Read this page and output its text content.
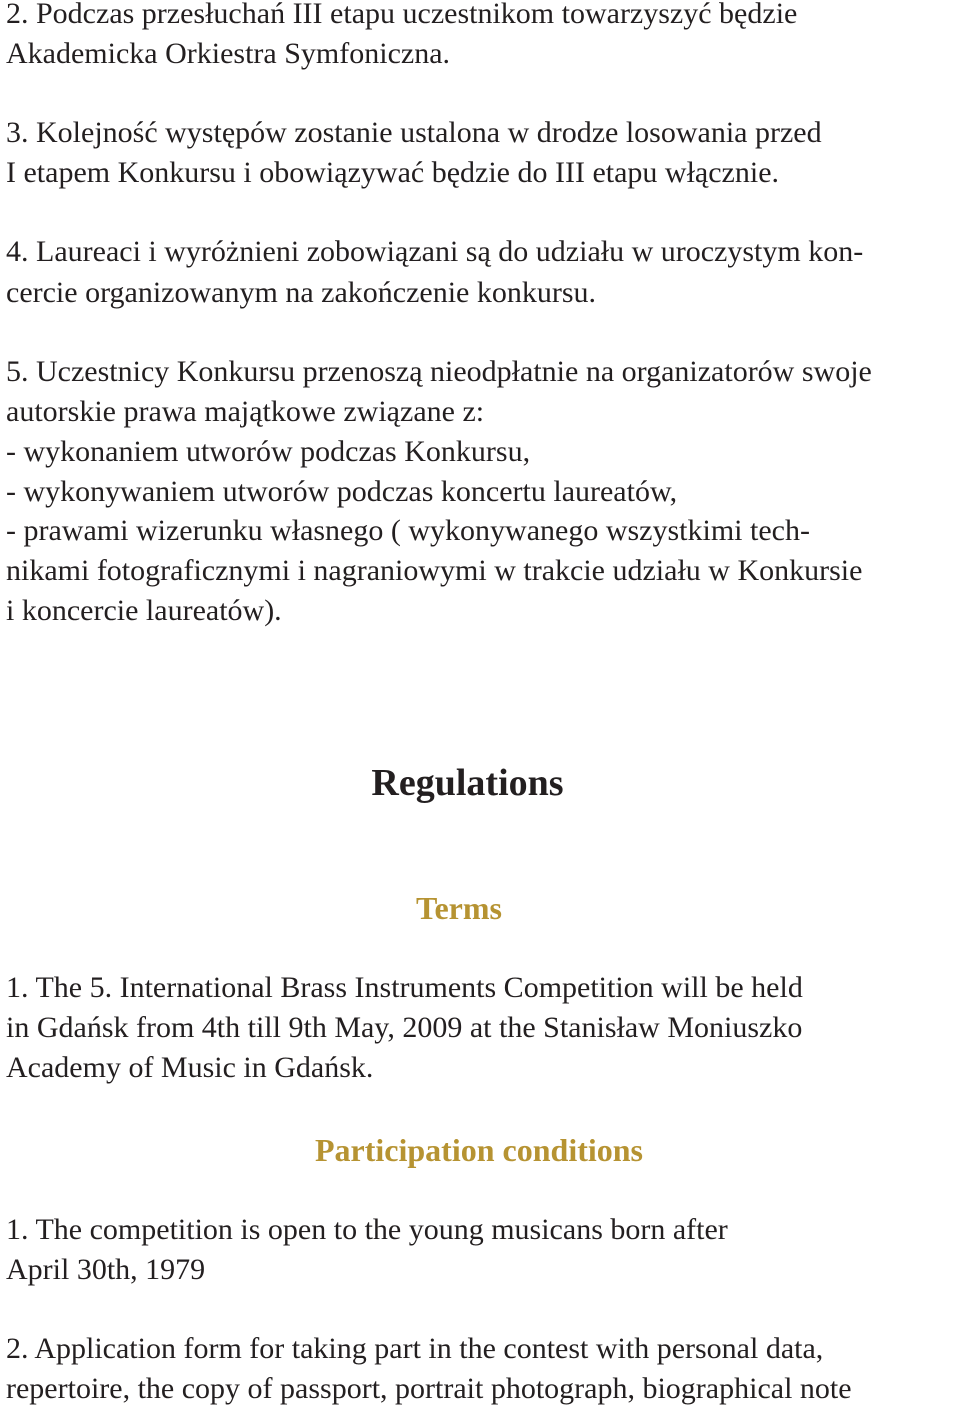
2. Podczas przesłuchań III etapu uczestnikom towarzyszyć będzie

Akademicka Orkiestra Symfoniczna.

3. Kolejność występów zostanie ustalona w drodze losowania przed

I etapem Konkursu i obowiązywać będzie do III etapu włącznie.

4. Laureaci i wyróżnieni zobowiązani są do udziału w uroczystym kon-

cercie organizowanym na zakończenie konkursu.

5. Uczestnicy Konkursu przenoszą nieodpłatnie na organizatorów swoje

autorskie prawa majątkowe związane z:

- wykonaniem utworów podczas Konkursu,

- wykonywaniem utworów podczas koncertu laureatów,

- prawami wizerunku własnego ( wykonywanego wszystkimi tech-

nikami fotograficznymi i nagraniowymi w trakcie udziału w Konkursie

i koncercie laureatów).

Regulations
Terms

1. The 5. International Brass Instruments Competition will be held

in Gdańsk from 4th till 9th May, 2009 at the Stanisław Moniuszko

Academy of Music in Gdańsk.

Participation conditions

1. The competition is open to the young musicans born after

April 30th, 1979

2. Application form for taking part in the contest with personal data,

repertoire, the copy of passport, portrait photograph, biographical note
